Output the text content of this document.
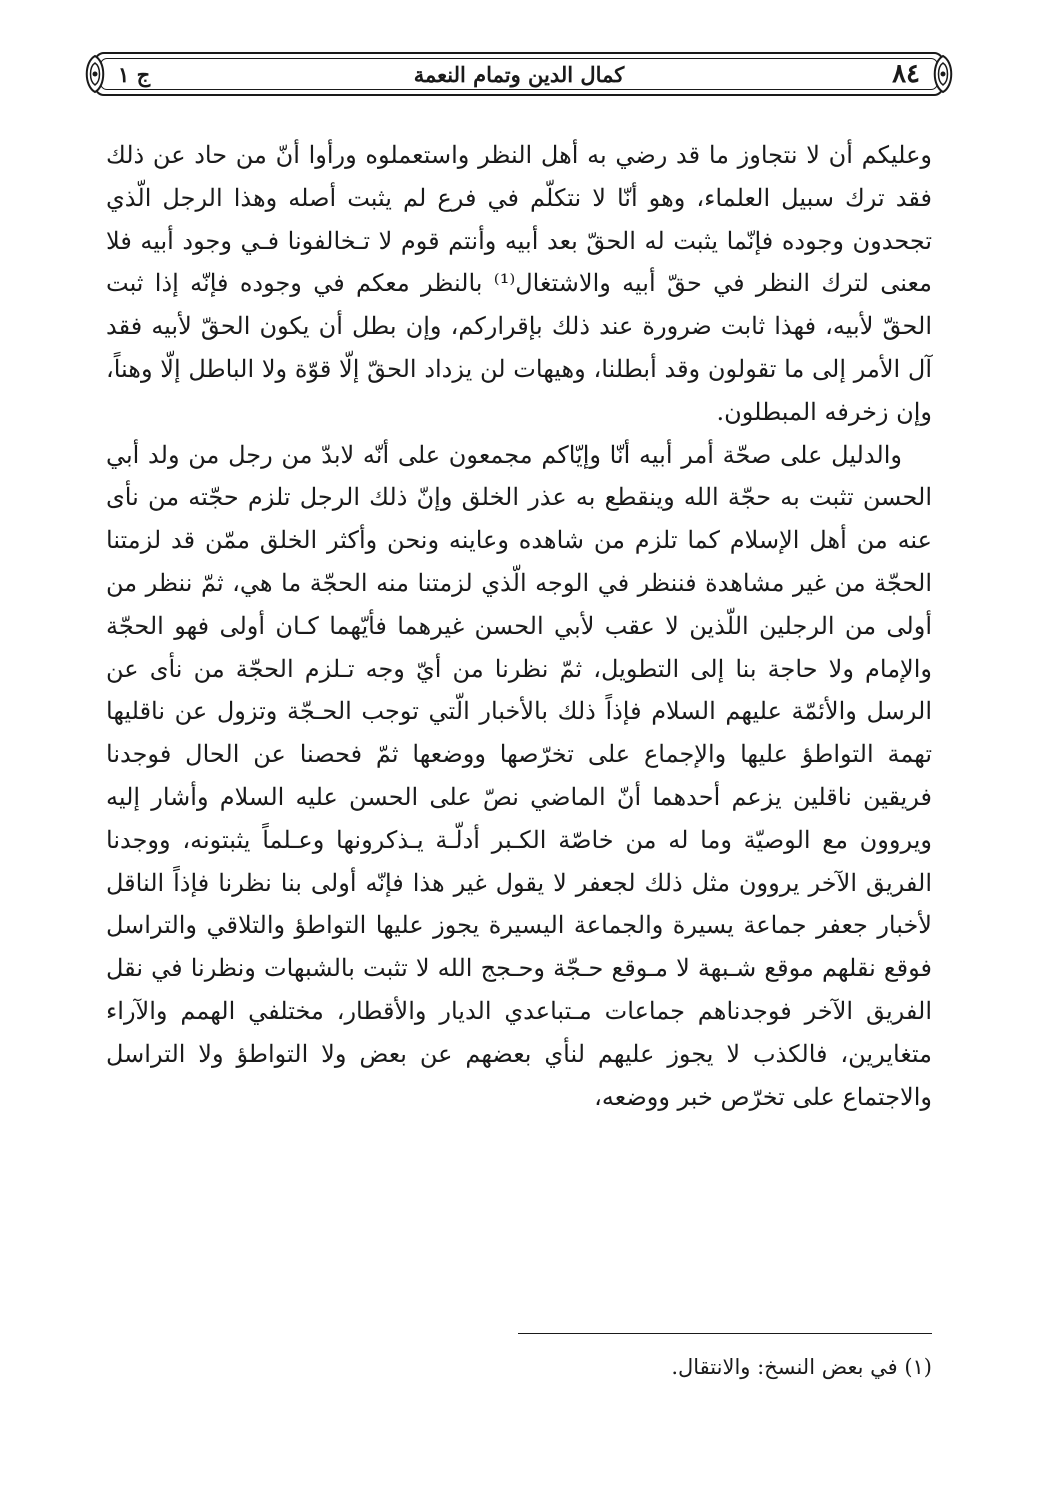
٨٤
كمال الدين وتمام النعمة
ج ١

وعليكم أن لا نتجاوز ما قد رضي به أهل النظر واستعملوه ورأوا أنّ من حاد عن ذلك فقد ترك سبيل العلماء، وهو أنّا لا نتكلّم في فرع لم يثبت أصله وهذا الرجل الّذي تجحدون وجوده فإنّما يثبت له الحقّ بعد أبيه وأنتم قوم لا تـخالفونا فـي وجود أبيه فلا معنى لترك النظر في حقّ أبيه والاشتغال⁽¹⁾ بالنظر معكم في وجوده فإنّه إذا ثبت الحقّ لأبيه، فهذا ثابت ضرورة عند ذلك بإقراركم، وإن بطل أن يكون الحقّ لأبيه فقد آل الأمر إلى ما تقولون وقد أبطلنا، وهيهات لن يزداد الحقّ إلّا قوّة ولا الباطل إلّا وهناً، وإن زخرفه المبطلون.

والدليل على صحّة أمر أبيه أنّا وإيّاكم مجمعون على أنّه لابدّ من رجل من ولد أبي الحسن تثبت به حجّة الله وينقطع به عذر الخلق وإنّ ذلك الرجل تلزم حجّته من نأى عنه من أهل الإسلام كما تلزم من شاهده وعاينه ونحن وأكثر الخلق ممّن قد لزمتنا الحجّة من غير مشاهدة فننظر في الوجه الّذي لزمتنا منه الحجّة ما هي، ثمّ ننظر من أولى من الرجلين اللّذين لا عقب لأبي الحسن غيرهما فأيّهما كـان أولى فهو الحجّة والإمام ولا حاجة بنا إلى التطويل، ثمّ نظرنا من أيّ وجه تـلزم الحجّة من نأى عن الرسل والأئمّة عليهم السلام فإذاً ذلك بالأخبار الّتي توجب الحـجّة وتزول عن ناقليها تهمة التواطؤ عليها والإجماع على تخرّصها ووضعها ثمّ فحصنا عن الحال فوجدنا فريقين ناقلين يزعم أحدهما أنّ الماضي نصّ على الحسن عليه السلام وأشار إليه ويروون مع الوصيّة وما له من خاصّة الكـبر أدلّـة يـذكرونها وعـلماً يثبتونه، ووجدنا الفريق الآخر يروون مثل ذلك لجعفر لا يقول غير هذا فإنّه أولى بنا نظرنا فإذاً الناقل لأخبار جعفر جماعة يسيرة والجماعة اليسيرة يجوز عليها التواطؤ والتلاقي والتراسل فوقع نقلهم موقع شـبهة لا مـوقع حـجّة وحـجج الله لا تثبت بالشبهات ونظرنا في نقل الفريق الآخر فوجدناهم جماعات مـتباعدي الديار والأقطار، مختلفي الهمم والآراء متغايرين، فالكذب لا يجوز عليهم لنأي بعضهم عن بعض ولا التواطؤ ولا التراسل والاجتماع على تخرّص خبر ووضعه،

(١) في بعض النسخ: والانتقال.
